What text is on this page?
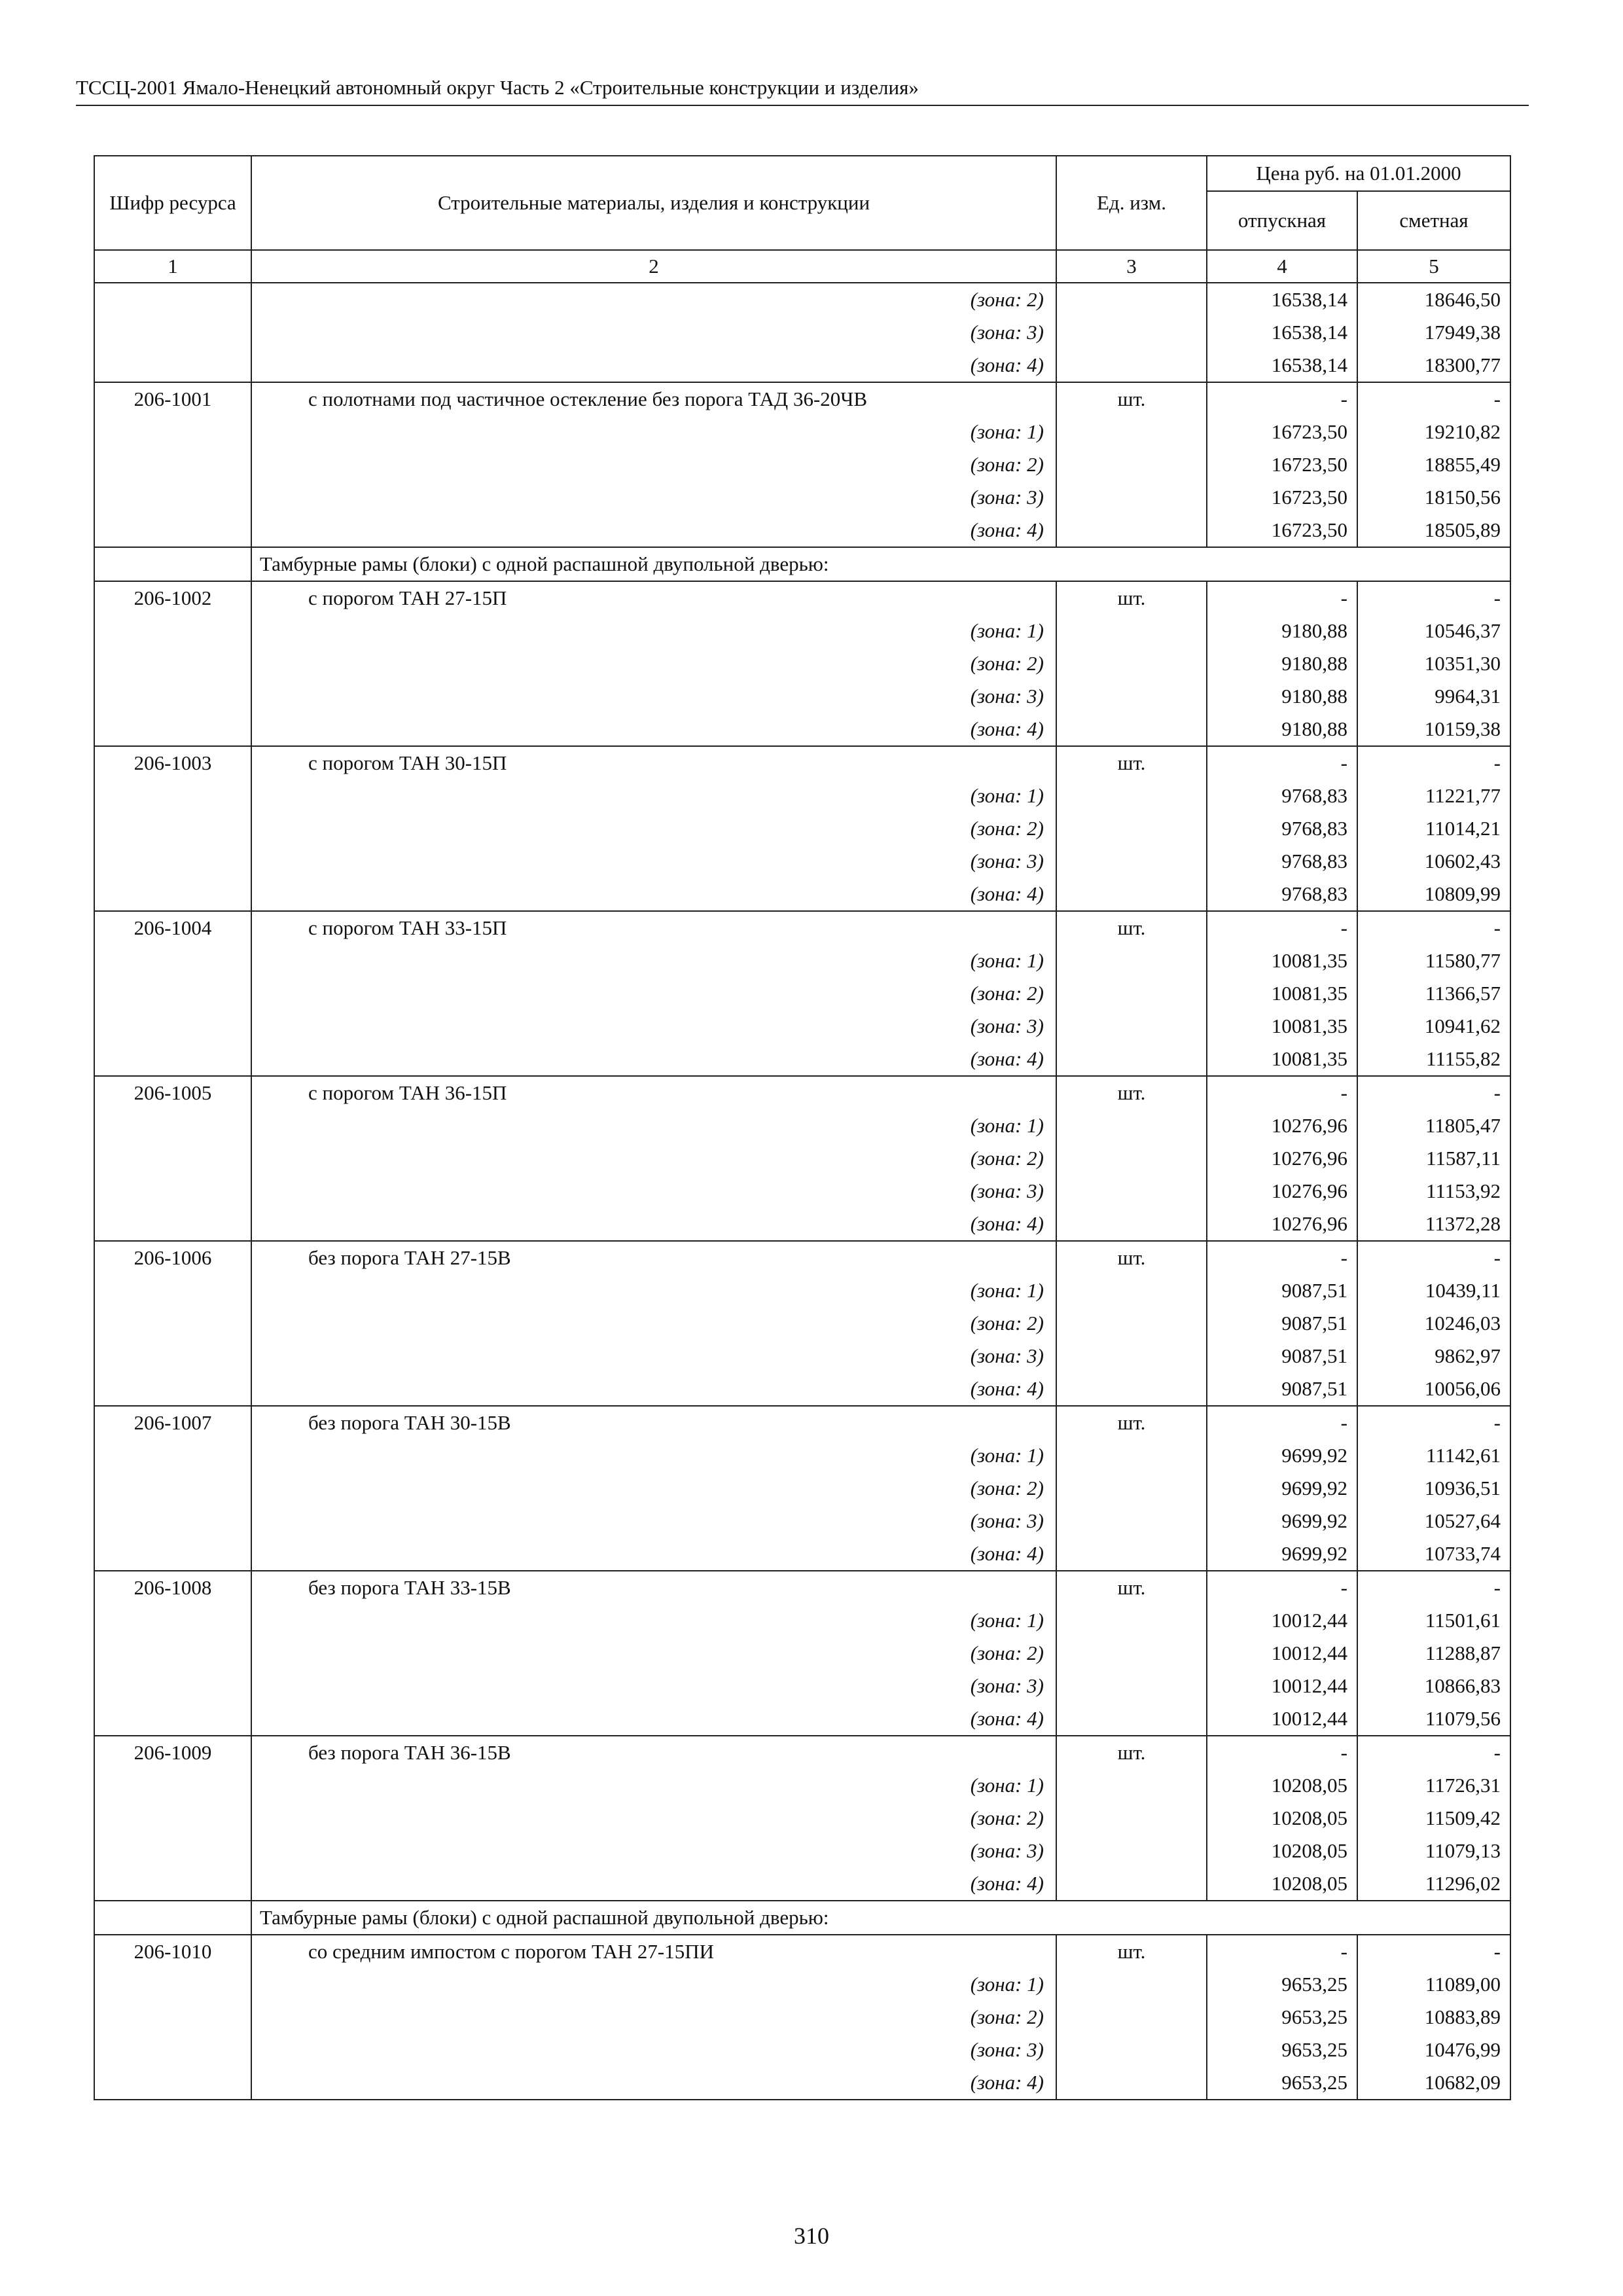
ТССЦ-2001 Ямало-Ненецкий автономный округ Часть 2 «Строительные конструкции и изделия»
Шифр ресурса	Строительные материалы, изделия и конструкции	Ед. изм.	Цена руб. на 01.01.2000	
			отпускная	сметная
1	2	3	4	5
	(зона: 2)		16538,14	18646,50
	(зона: 3)		16538,14	17949,38
	(зона: 4)		16538,14	18300,77
206-1001	с полотнами под частичное остекление без порога ТАД 36-20ЧВ	шт.	-	-
	(зона: 1)		16723,50	19210,82
	(зона: 2)		16723,50	18855,49
	(зона: 3)		16723,50	18150,56
	(зона: 4)		16723,50	18505,89
	Тамбурные рамы (блоки) с одной распашной двупольной дверью:			
206-1002	с порогом ТАН 27-15П	шт.	-	-
	(зона: 1)		9180,88	10546,37
	(зона: 2)		9180,88	10351,30
	(зона: 3)		9180,88	9964,31
	(зона: 4)		9180,88	10159,38
206-1003	с порогом ТАН 30-15П	шт.	-	-
	(зона: 1)		9768,83	11221,77
	(зона: 2)		9768,83	11014,21
	(зона: 3)		9768,83	10602,43
	(зона: 4)		9768,83	10809,99
206-1004	с порогом ТАН 33-15П	шт.	-	-
	(зона: 1)		10081,35	11580,77
	(зона: 2)		10081,35	11366,57
	(зона: 3)		10081,35	10941,62
	(зона: 4)		10081,35	11155,82
206-1005	с порогом ТАН 36-15П	шт.	-	-
	(зона: 1)		10276,96	11805,47
	(зона: 2)		10276,96	11587,11
	(зона: 3)		10276,96	11153,92
	(зона: 4)		10276,96	11372,28
206-1006	без порога ТАН 27-15В	шт.	-	-
	(зона: 1)		9087,51	10439,11
	(зона: 2)		9087,51	10246,03
	(зона: 3)		9087,51	9862,97
	(зона: 4)		9087,51	10056,06
206-1007	без порога ТАН 30-15В	шт.	-	-
	(зона: 1)		9699,92	11142,61
	(зона: 2)		9699,92	10936,51
	(зона: 3)		9699,92	10527,64
	(зона: 4)		9699,92	10733,74
206-1008	без порога ТАН 33-15В	шт.	-	-
	(зона: 1)		10012,44	11501,61
	(зона: 2)		10012,44	11288,87
	(зона: 3)		10012,44	10866,83
	(зона: 4)		10012,44	11079,56
206-1009	без порога ТАН 36-15В	шт.	-	-
	(зона: 1)		10208,05	11726,31
	(зона: 2)		10208,05	11509,42
	(зона: 3)		10208,05	11079,13
	(зона: 4)		10208,05	11296,02
	Тамбурные рамы (блоки) с одной распашной двупольной дверью:			
206-1010	со средним импостом с порогом ТАН 27-15ПИ	шт.	-	-
	(зона: 1)		9653,25	11089,00
	(зона: 2)		9653,25	10883,89
	(зона: 3)		9653,25	10476,99
	(зона: 4)		9653,25	10682,09
310
